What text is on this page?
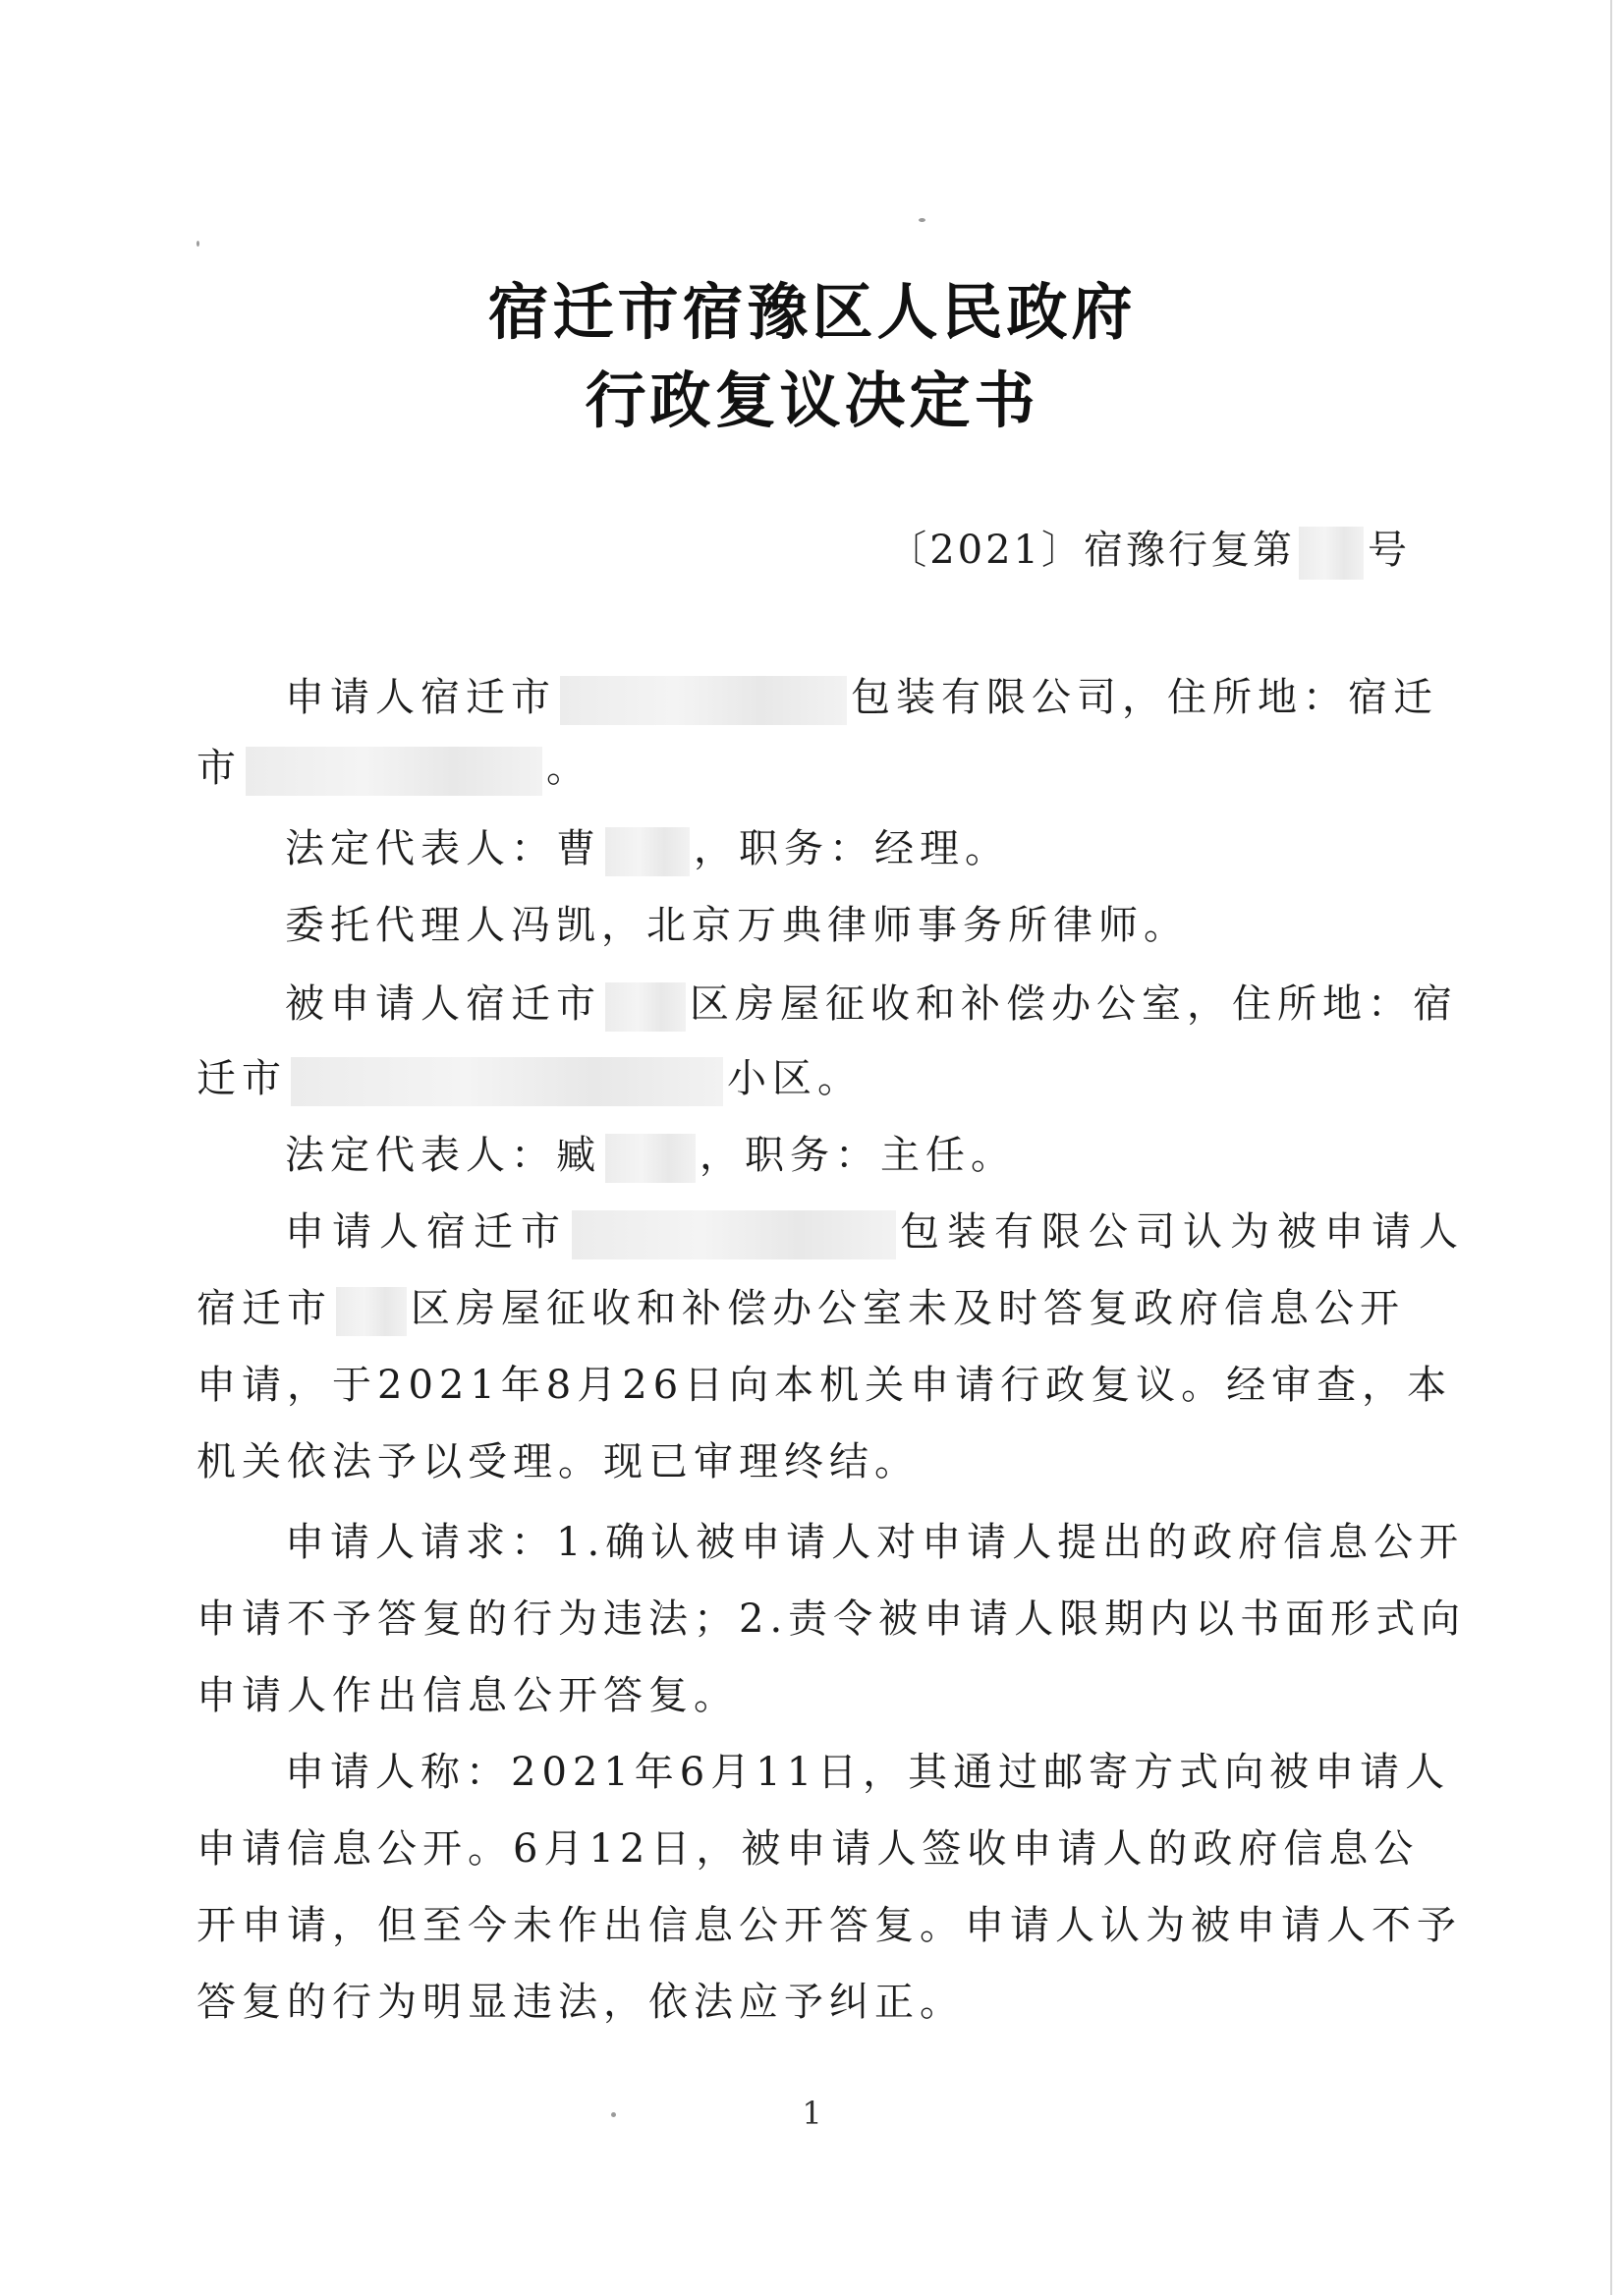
宿迁市宿豫区人民政府
行政复议决定书
〔2021〕宿豫行复第 号
申请人宿迁市	包装有限公司，住所地：宿迁
市	。
法定代表人：曹 ，职务：经理。
委托代理人冯凯，北京万典律师事务所律师。
被申请人宿迁市 区房屋征收和补偿办公室，住所地：宿
迁市	小区。
法定代表人：臧	，职务：主任。
申请人宿迁市	包装有限公司认为被申请人
宿迁市 区房屋征收和补偿办公室未及时答复政府信息公开
申请，于2021年8月26日向本机关申请行政复议。经审查，本
机关依法予以受理。现已审理终结。
申请人请求：1.确认被申请人对申请人提出的政府信息公开
申请不予答复的行为违法；2.责令被申请人限期内以书面形式向
申请人作出信息公开答复。
申请人称：2021年6月11日，其通过邮寄方式向被申请人
申请信息公开。6月12日，被申请人签收申请人的政府信息公
开申请，但至今未作出信息公开答复。申请人认为被申请人不予
答复的行为明显违法，依法应予纠正。
1
